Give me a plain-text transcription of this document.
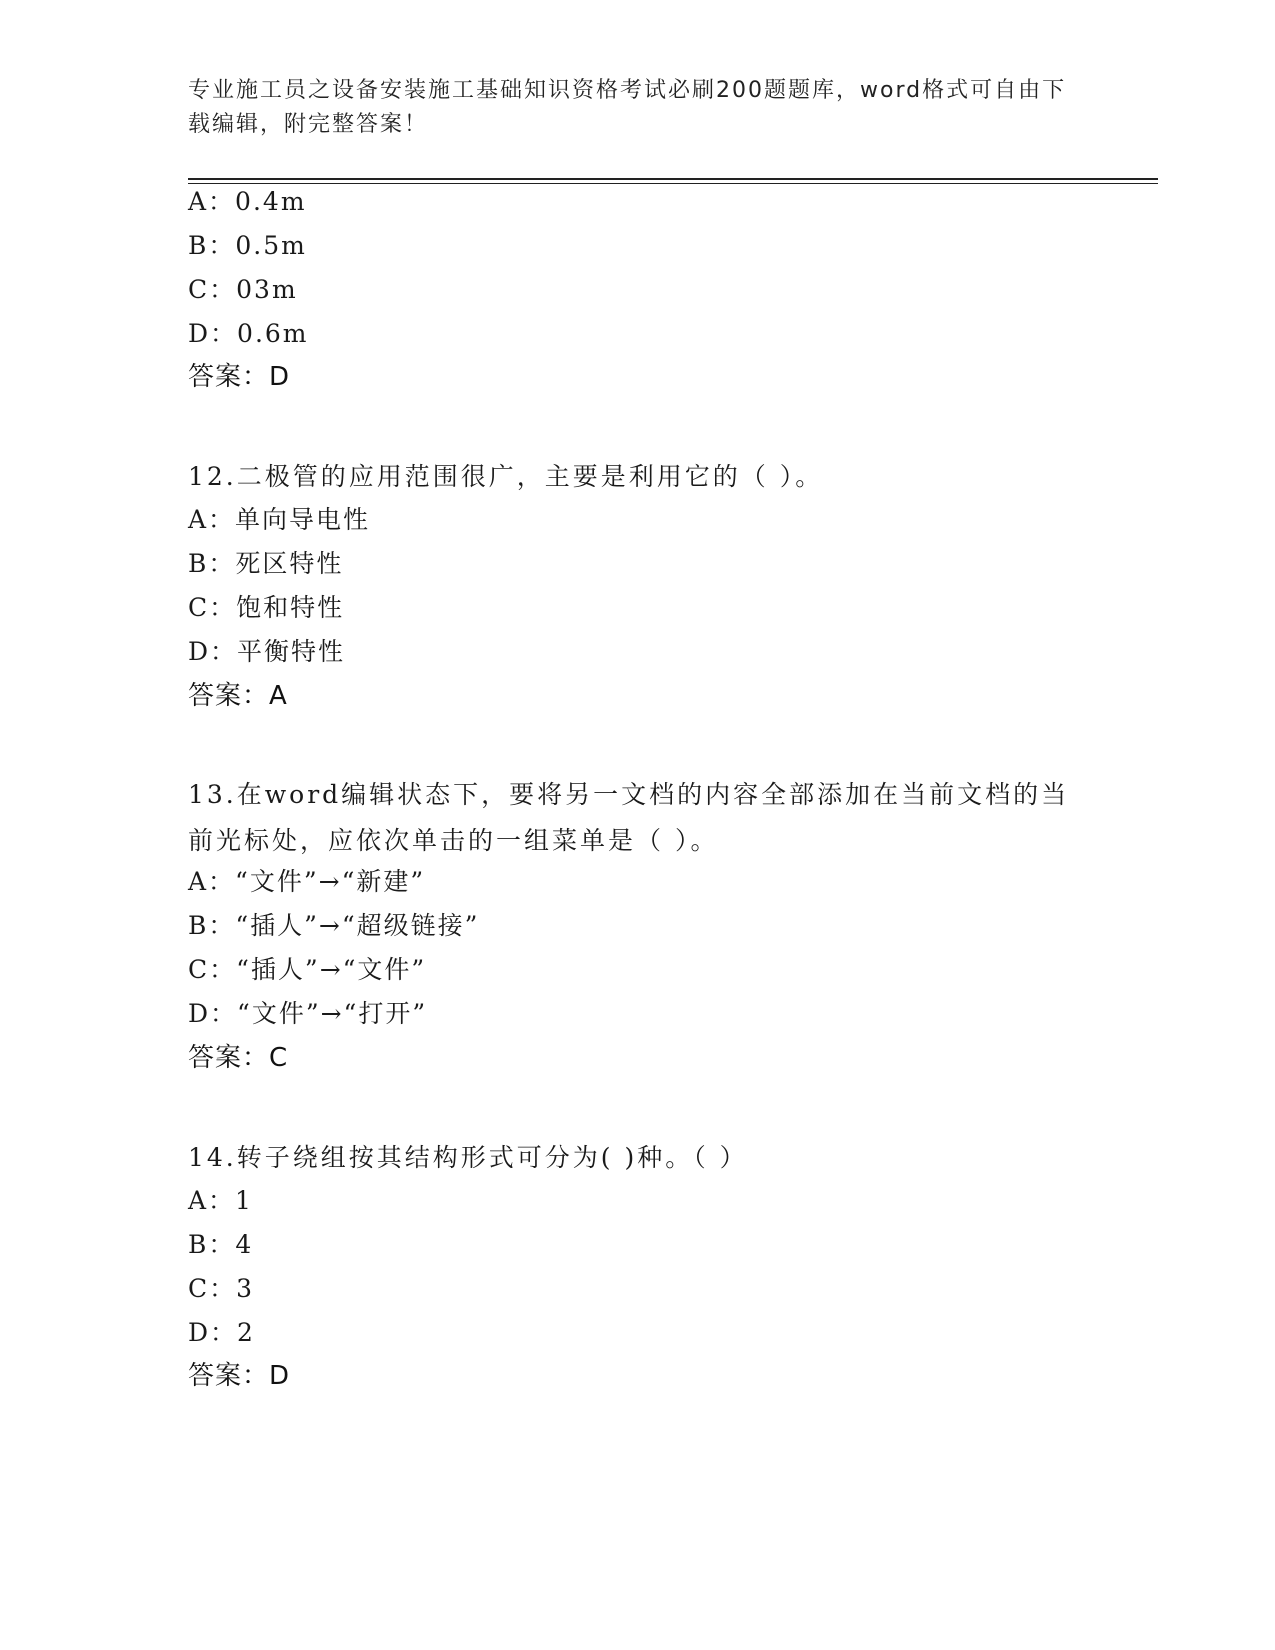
专业施工员之设备安装施工基础知识资格考试必刷200题题库，word格式可自由下载编辑，附完整答案！
A：0.4m
B：0.5m
C：03m
D：0.6m
答案：D
12.二极管的应用范围很广，主要是利用它的（ ）。
A：单向导电性
B：死区特性
C：饱和特性
D：平衡特性
答案：A
13.在word编辑状态下，要将另一文档的内容全部添加在当前文档的当前光标处，应依次单击的一组菜单是（ ）。
A：“文件”→“新建”
B：“插人”→“超级链接”
C：“插人”→“文件”
D：“文件”→“打开”
答案：C
14.转子绕组按其结构形式可分为( )种。（ ）
A：1
B：4
C：3
D：2
答案：D
